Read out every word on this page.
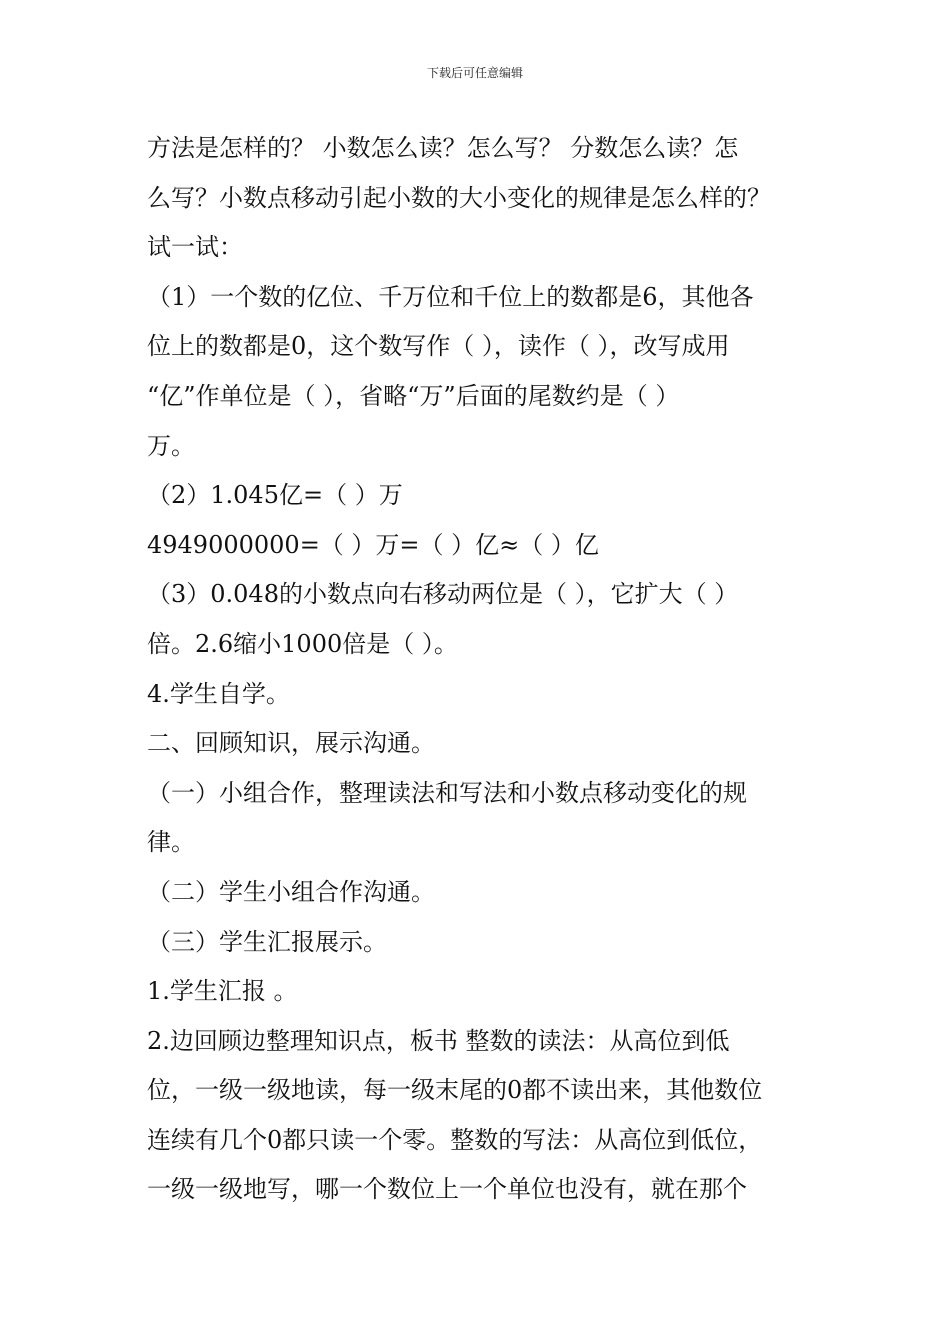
下载后可任意编辑
方法是怎样的？ 小数怎么读？怎么写？ 分数怎么读？怎
么写？小数点移动引起小数的大小变化的规律是怎么样的？
试一试：
（1）一个数的亿位、千万位和千位上的数都是6，其他各
位上的数都是0，这个数写作（ ），读作（ ），改写成用
“亿”作单位是（ ），省略“万”后面的尾数约是（ ）
万。
（2）1.045亿=（ ）万
4949000000=（ ）万=（ ）亿≈（ ）亿
（3）0.048的小数点向右移动两位是（ ），它扩大（ ）
倍。2.6缩小1000倍是（ ）。
4.学生自学。
二、回顾知识，展示沟通。
（一）小组合作，整理读法和写法和小数点移动变化的规
律。
（二）学生小组合作沟通。
（三）学生汇报展示。
1.学生汇报 。
2.边回顾边整理知识点，板书 整数的读法：从高位到低
位，一级一级地读，每一级末尾的0都不读出来，其他数位
连续有几个0都只读一个零。整数的写法：从高位到低位，
一级一级地写，哪一个数位上一个单位也没有，就在那个
